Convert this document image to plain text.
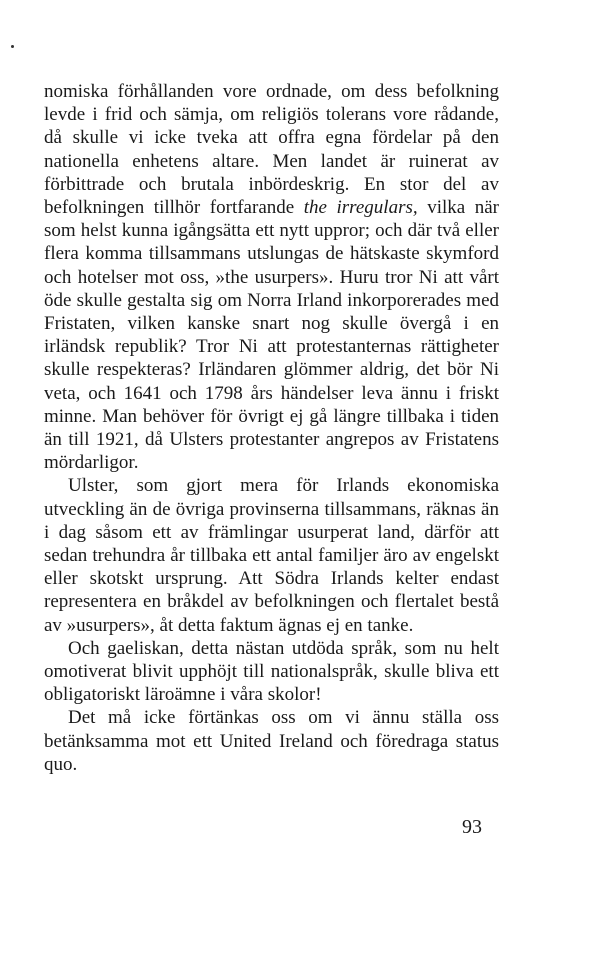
nomiska förhållanden vore ordnade, om dess befolkning levde i frid och sämja, om religiös tolerans vore rådande, då skulle vi icke tveka att offra egna fördelar på den nationella enhetens altare. Men landet är ruinerat av förbittrade och brutala inbördeskrig. En stor del av befolkningen tillhör fortfarande the irregulars, vilka när som helst kunna igångsätta ett nytt uppror; och där två eller flera komma tillsammans utslungas de hätskaste skymford och hotelser mot oss, »the usurpers». Huru tror Ni att vårt öde skulle gestalta sig om Norra Irland inkorporerades med Fristaten, vilken kanske snart nog skulle övergå i en irländsk republik? Tror Ni att protestanternas rättigheter skulle respekteras? Irländaren glömmer aldrig, det bör Ni veta, och 1641 och 1798 års händelser leva ännu i friskt minne. Man behöver för övrigt ej gå längre tillbaka i tiden än till 1921, då Ulsters protestanter angrepos av Fristatens mördarligor.

Ulster, som gjort mera för Irlands ekonomiska utveckling än de övriga provinserna tillsammans, räknas än i dag såsom ett av främlingar usurperat land, därför att sedan trehundra år tillbaka ett antal familjer äro av engelskt eller skotskt ursprung. Att Södra Irlands kelter endast representera en bråkdel av befolkningen och flertalet bestå av »usurpers», åt detta faktum ägnas ej en tanke.

Och gaeliskan, detta nästan utdöda språk, som nu helt omotiverat blivit upphöjt till nationalspråk, skulle bliva ett obligatoriskt läroämne i våra skolor!

Det må icke förtänkas oss om vi ännu ställa oss betänksamma mot ett United Ireland och föredraga status quo.

93
